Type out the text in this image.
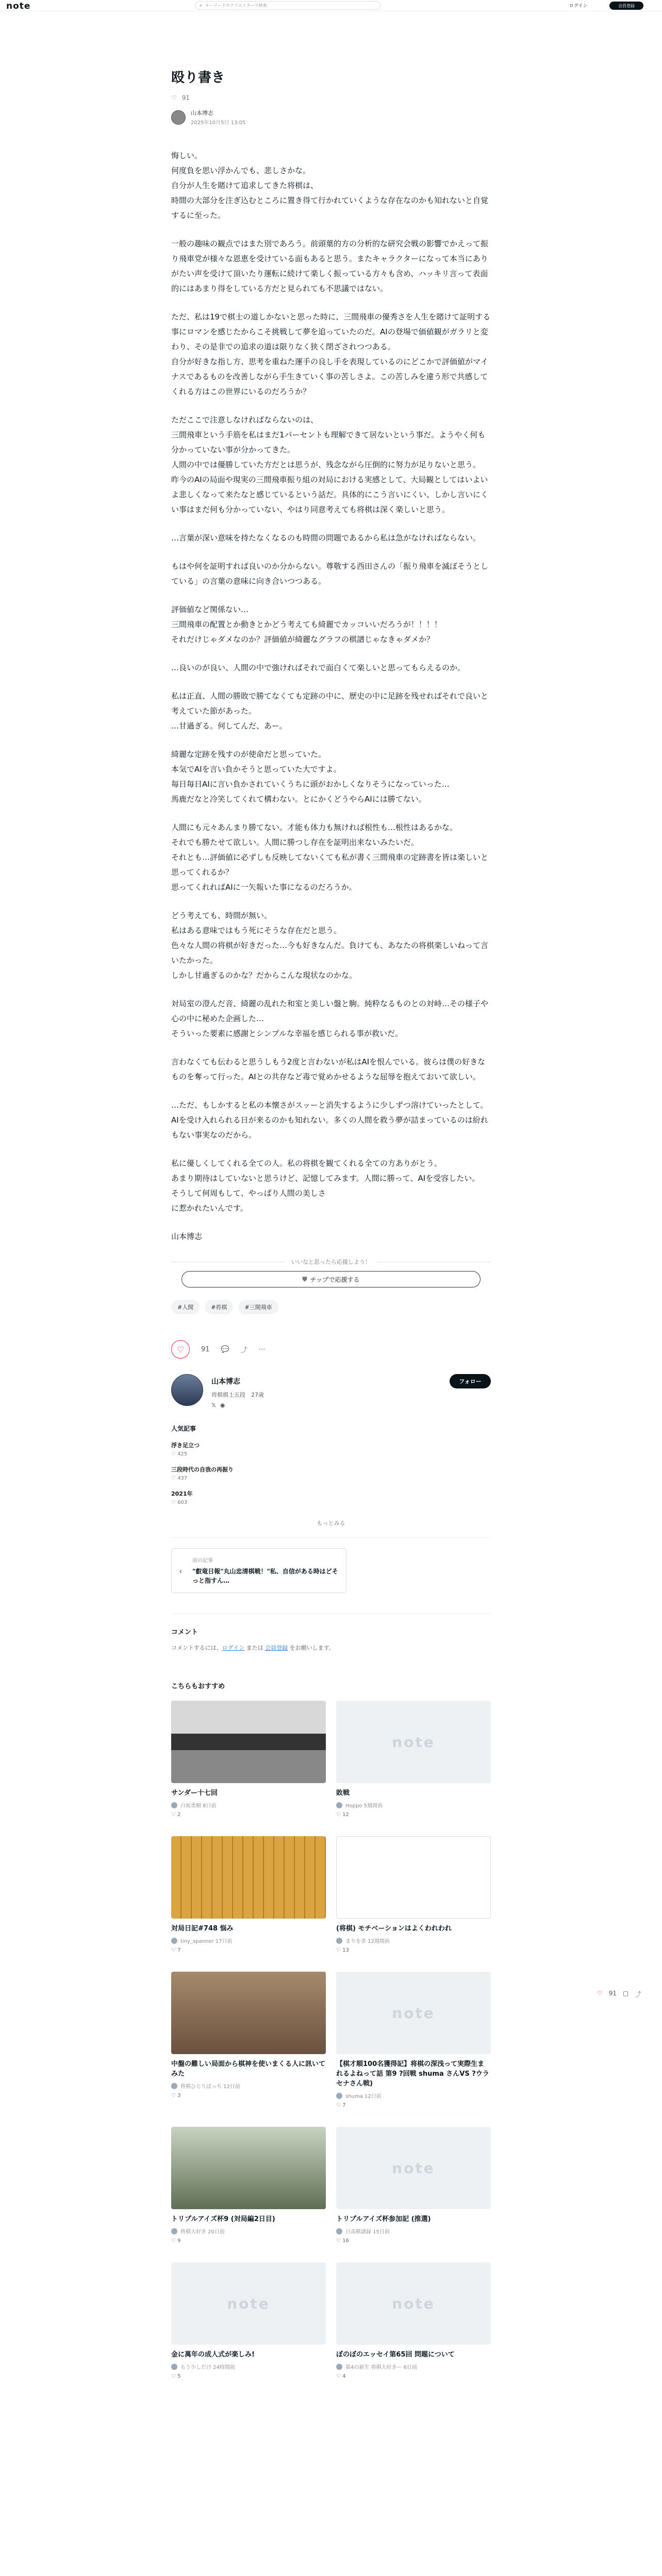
note	⌕ キーワードやクリエイターで検索	ログイン	会員登録
殴り書き
♡ 91
山本博志
2025年10月5日 13:05

悔しい。
何度負を思い浮かんでも、悲しさかな。
自分が人生を賭けて追求してきた将棋は、
時間の大部分を注ぎ込むところに置き得て行かれていくような存在なのかも知れないと自覚するに至った。

一般の趣味の観点ではまた別であろう。前頭葉的方の分析的な研究会戦の影響でかえって振り飛車党が様々な恩恵を受けている面もあると思う。またキャラクターになって本当にありがたい声を受けて頂いたり運転に続けて楽しく振っている方々も含め、ハッキリ言って表面的にはあまり得をしている方だと見られても不思議ではない。

ただ、私は19で棋士の道しかないと思った時に、三間飛車の優秀さを人生を賭けて証明する事にロマンを感じたからこそ挑戦して夢を追っていたのだ。AIの登場で価値観がガラリと変わり、その是非での追求の道は限りなく狭く閉ざされつつある。
自分が好きな指し方、思考を重ねた運手の良し手を表現しているのにどこかで評価値がマイナスであるものを改善しながら手生きていく事の苦しさよ。この苦しみを違う形で共感してくれる方はこの世界にいるのだろうか？

ただここで注意しなければならないのは、
三間飛車という手筋を私はまだ1パーセントも理解できて居ないという事だ。ようやく何も分かっていない事が分かってきた。
人間の中では優勝していた方だとは思うが、残念ながら圧倒的に努力が足りないと思う。
昨今のAIの局面や現実の三間飛車振り組の対局における実感として、大局観としてはいよいよ悲しくなって来たなと感じているという話だ。具体的にこう言いにくい、しかし言いにくい事はまだ何も分かっていない、やはり同意考えても将棋は深く楽しいと思う。

…言葉が深い意味を持たなくなるのも時間の問題であるから私は急がなければならない。

もはや何を証明すれば良いのか分からない。尊敬する西田さんの「振り飛車を滅ぼそうとしている」の言葉の意味に向き合いつつある。

評価値など関係ない…
三間飛車の配置とか動きとかどう考えても綺麗でカッコいいだろうが！！！！
それだけじゃダメなのか？評価値が綺麗なグラフの棋譜じゃなきゃダメか？

…良いのが良い、人間の中で強ければそれで面白くて楽しいと思ってもらえるのか。

私は正直、人間の勝敗で勝てなくても定跡の中に、歴史の中に足跡を残せればそれで良いと考えていた節があった。
…甘過ぎる。何してんだ、あー。

綺麗な定跡を残すのが使命だと思っていた。
本気でAIを言い負かそうと思っていた大ですよ。
毎日毎日AIに言い負かされていくうちに頭がおかしくなりそうになっていった…
馬鹿だなと冷笑してくれて構わない。とにかくどうやらAIには勝てない。

人間にも元々あんまり勝てない。才能も体力も無ければ根性も…根性はあるかな。
それでも勝たせて欲しい。人間に勝つし存在を証明出来ないみたいだ。
それとも…評価値に必ずしも反映してないくても私が書く三間飛車の定跡書を皆は楽しいと思ってくれるか？
思ってくれればAIに一矢報いた事になるのだろうか。

どう考えても、時間が無い。
私はある意味ではもう死にそうな存在だと思う。
色々な人間の将棋が好きだった…今も好きなんだ。負けても、あなたの将棋楽しいねって言いたかった。
しかし甘過ぎるのかな？だからこんな現状なのかな。

対局室の澄んだ音、綺麗の乱れた和室と美しい盤と駒。純粋なるものとの対峙…その様子や心の中に秘めた企画した…
そういった要素に感謝とシンプルな幸福を感じられる事が救いだ。

言わなくても伝わると思うしもう2度と言わないが私はAIを恨んでいる。彼らは僕の好きなものを奪って行った。AIとの共存など毒で覚めかせるような屈辱を抱えておいて欲しい。

…ただ、もしかすると私の本懐さがスッーと消失するように少しずつ溶けていったとして。
AIを受け入れられる日が来るのかも知れない。多くの人間を救う夢が詰まっているのは紛れもない事実なのだから。

私に優しくしてくれる全ての人。私の将棋を観てくれる全ての方ありがとう。
あまり期待はしていないと思うけど、記憶してみます。人間に勝って、AIを受容したい。
そうして何周もして、やっぱり人間の美しさ
に惹かれたいんです。

山本博志

いいなと思ったら応援しよう！
⛊ チップで応援する
#人間	#将棋	#三間飛車
♡	91 💬 ⤴ ⋯
山本博志
将棋棋士五段　27歳
𝕏◉
フォロー
人気記事
浮き足立つ
♡ 425
三段時代の自我の再振り
♡ 437
2021年
♡ 603
もっとみる
‹
前の記事
"叡竜日報"丸山忠清棋戦！"私、自信がある時はどそっと指すん…
コメント
コメントするには、ログイン または 会員登録 をお願いします。
こちらもおすすめ
サンダー十七回
白坂勇樹 8日前
♡ 2
note
敗戦
Hoppo 5週間前
♡ 12
対局日記#748 悩み
tiny_spanner 17日前
♡ 7
(将棋) モチベーションはよくわれわれ
まりを茶 12週間前
♡ 13
中盤の難しい局面から棋神を使いまくる人に訊いてみた
将棋ひとりぼっち 12日前
♡ 3
note
【棋才順100名獲得記】将棋の深浅って実際生まれるよねって話 第9 ?回戦 shuma さんVS ?ウラセナさん戦)
shuma 12日前
♡ 7
トリプルアイズ杯9 (対局編2日目)
将棋大好き 20日前
♡ 9
note
トリプルアイズ杯参加記 (推選)
日高棋譜録 15日前
♡ 16
note
金に萬年の成人式が楽しみ!
もう少しだけ 24時間前
♡ 5
note
ぼのぼのエッセイ第65回 問題について
第4の新生 将棋大好きー 6日前
♡ 4
♡ 91 ▢ ⤴
